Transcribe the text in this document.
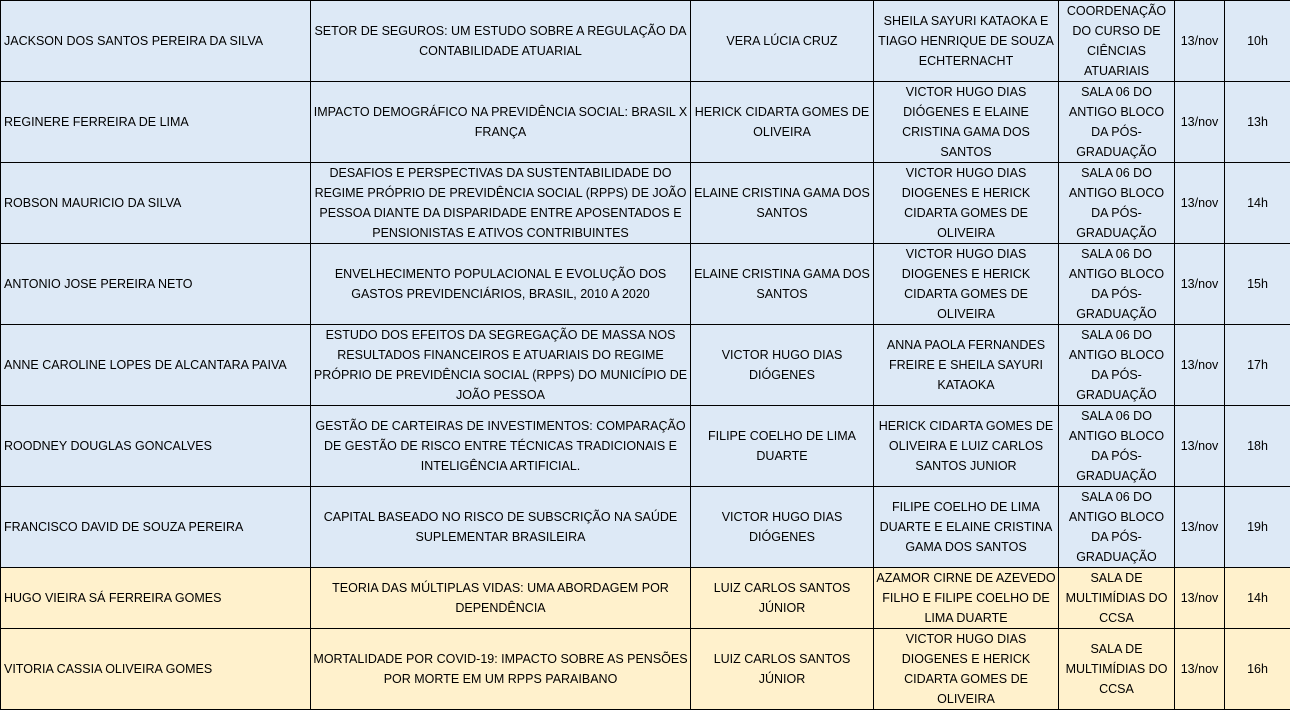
JACKSON DOS SANTOS PEREIRA DA SILVA	SETOR DE SEGUROS: UM ESTUDO SOBRE A REGULAÇÃO DA CONTABILIDADE ATUARIAL	VERA LÚCIA CRUZ	SHEILA SAYURI KATAOKA E TIAGO HENRIQUE DE SOUZA ECHTERNACHT	COORDENAÇÃO DO CURSO DE CIÊNCIAS ATUARIAIS	13/nov	10h
REGINERE FERREIRA DE LIMA	IMPACTO DEMOGRÁFICO NA PREVIDÊNCIA SOCIAL: BRASIL X FRANÇA	HERICK CIDARTA GOMES DE OLIVEIRA	VICTOR HUGO DIAS DIÓGENES E ELAINE CRISTINA GAMA DOS SANTOS	SALA 06 DO ANTIGO BLOCO DA PÓS-GRADUAÇÃO	13/nov	13h
ROBSON MAURICIO DA SILVA	DESAFIOS E PERSPECTIVAS DA SUSTENTABILIDADE DO REGIME PRÓPRIO DE PREVIDÊNCIA SOCIAL (RPPS) DE JOÃO PESSOA DIANTE DA DISPARIDADE ENTRE APOSENTADOS E PENSIONISTAS E ATIVOS CONTRIBUINTES	ELAINE CRISTINA GAMA DOS SANTOS	VICTOR HUGO DIAS DIOGENES E HERICK CIDARTA GOMES DE OLIVEIRA	SALA 06 DO ANTIGO BLOCO DA PÓS-GRADUAÇÃO	13/nov	14h
ANTONIO JOSE PEREIRA NETO	ENVELHECIMENTO POPULACIONAL E EVOLUÇÃO DOS GASTOS PREVIDENCIÁRIOS, BRASIL, 2010 A 2020	ELAINE CRISTINA GAMA DOS SANTOS	VICTOR HUGO DIAS DIOGENES E HERICK CIDARTA GOMES DE OLIVEIRA	SALA 06 DO ANTIGO BLOCO DA PÓS-GRADUAÇÃO	13/nov	15h
ANNE CAROLINE LOPES DE ALCANTARA PAIVA	ESTUDO DOS EFEITOS DA SEGREGAÇÃO DE MASSA NOS RESULTADOS FINANCEIROS E ATUARIAIS DO REGIME PRÓPRIO DE PREVIDÊNCIA SOCIAL (RPPS) DO MUNICÍPIO DE JOÃO PESSOA	VICTOR HUGO DIAS DIÓGENES	ANNA PAOLA FERNANDES FREIRE E SHEILA SAYURI KATAOKA	SALA 06 DO ANTIGO BLOCO DA PÓS-GRADUAÇÃO	13/nov	17h
ROODNEY DOUGLAS GONCALVES	GESTÃO DE CARTEIRAS DE INVESTIMENTOS: COMPARAÇÃO DE GESTÃO DE RISCO ENTRE TÉCNICAS TRADICIONAIS E INTELIGÊNCIA ARTIFICIAL.	FILIPE COELHO DE LIMA DUARTE	HERICK CIDARTA GOMES DE OLIVEIRA E LUIZ CARLOS SANTOS JUNIOR	SALA 06 DO ANTIGO BLOCO DA PÓS-GRADUAÇÃO	13/nov	18h
FRANCISCO DAVID DE SOUZA PEREIRA	CAPITAL BASEADO NO RISCO DE SUBSCRIÇÃO NA SAÚDE SUPLEMENTAR BRASILEIRA	VICTOR HUGO DIAS DIÓGENES	FILIPE COELHO DE LIMA DUARTE E ELAINE CRISTINA GAMA DOS SANTOS	SALA 06 DO ANTIGO BLOCO DA PÓS-GRADUAÇÃO	13/nov	19h
HUGO VIEIRA SÁ FERREIRA GOMES	TEORIA DAS MÚLTIPLAS VIDAS: UMA ABORDAGEM POR DEPENDÊNCIA	LUIZ CARLOS SANTOS JÚNIOR	AZAMOR CIRNE DE AZEVEDO FILHO E FILIPE COELHO DE LIMA DUARTE	SALA DE MULTIMÍDIAS DO CCSA	13/nov	14h
VITORIA CASSIA OLIVEIRA GOMES	MORTALIDADE POR COVID-19: IMPACTO SOBRE AS PENSÕES POR MORTE EM UM RPPS PARAIBANO	LUIZ CARLOS SANTOS JÚNIOR	VICTOR HUGO DIAS DIOGENES E HERICK CIDARTA GOMES DE OLIVEIRA	SALA DE MULTIMÍDIAS DO CCSA	13/nov	16h
